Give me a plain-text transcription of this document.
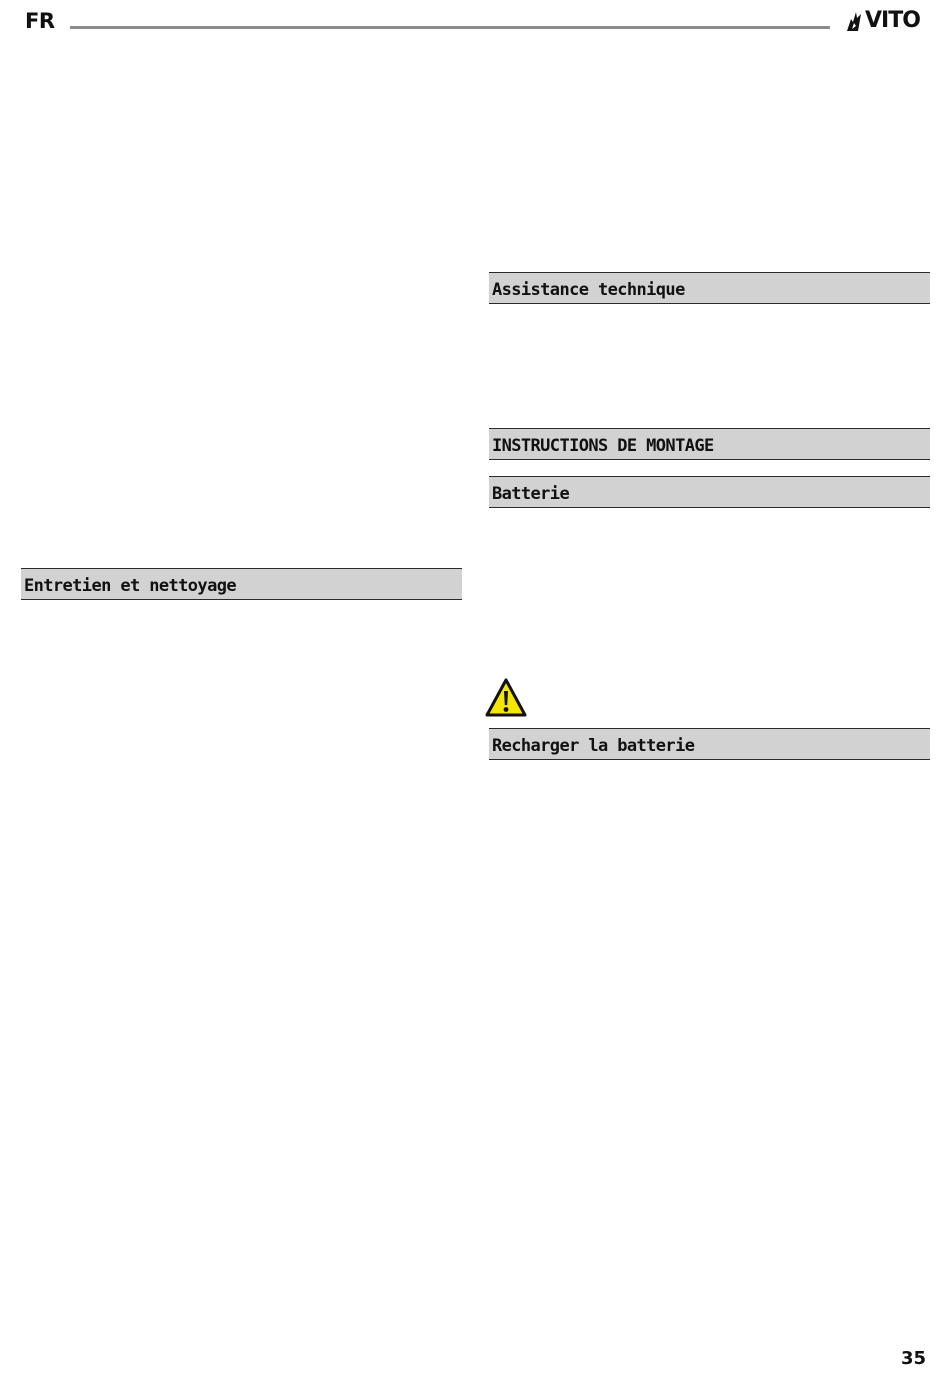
FR	VITO
Assistance technique
INSTRUCTIONS DE MONTAGE
Batterie
Entretien et nettoyage
Recharger la batterie
35
